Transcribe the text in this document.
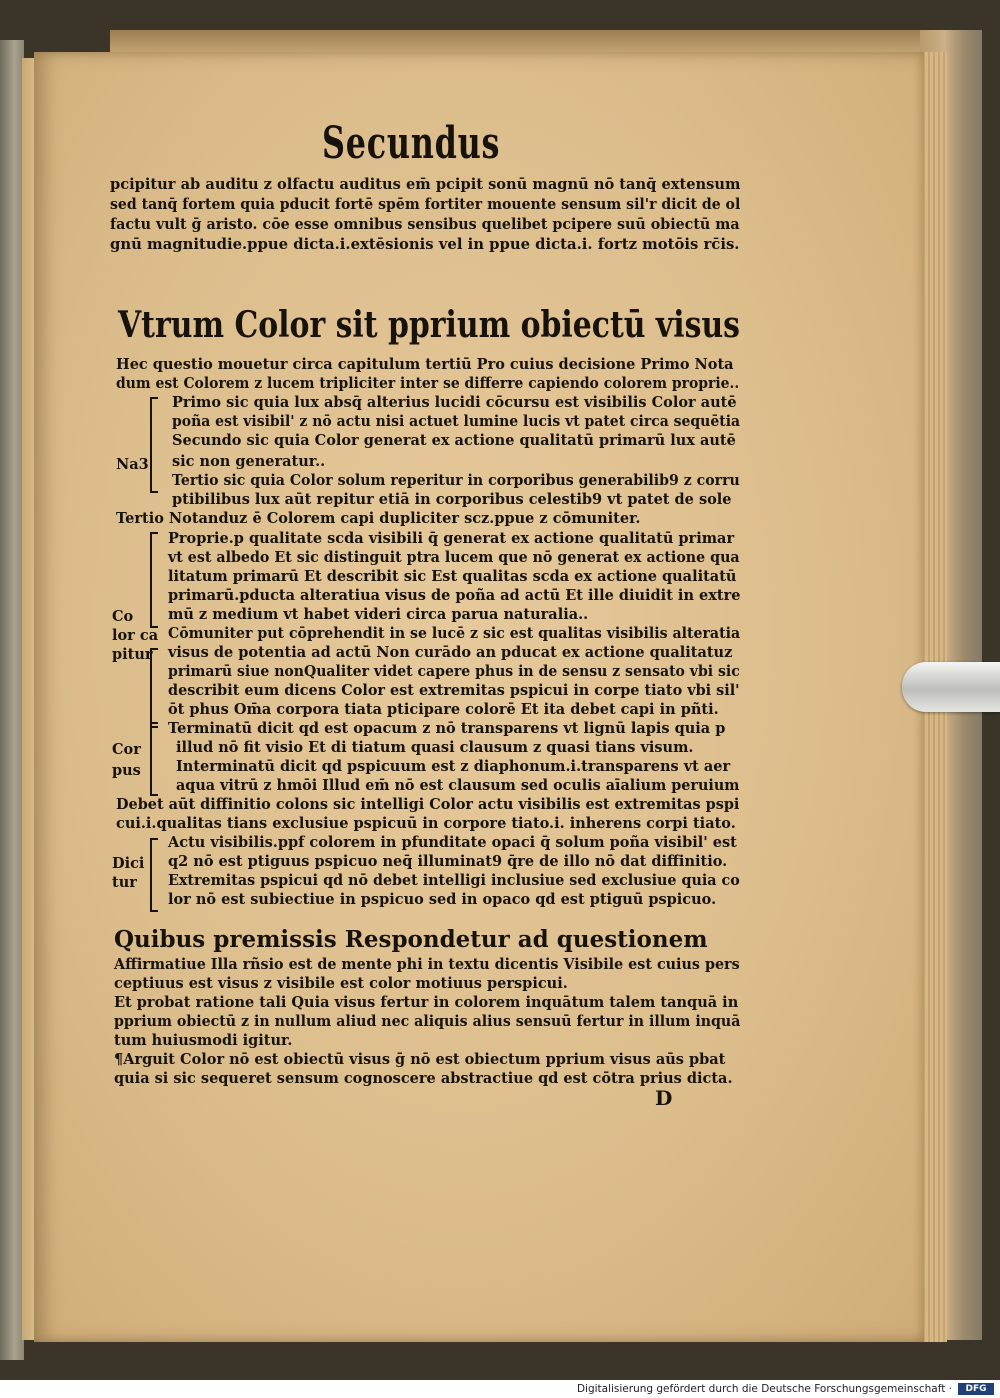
Secundus
pcipitur ab auditu z olfactu auditus em̄ pcipit sonū magnū nō tanq̄ extensum
sed tanq̄ fortem quia pducit fortē spēm fortiter mouente sensum sil'r dicit de ol
factu vult ḡ aristo. cōe esse omnibus sensibus quelibet pcipere suū obiectū ma
gnū magnitudie.ppue dicta.i.extēsionis vel in ppue dicta.i. fortz motōis rc̄is.
Vtrum Color sit pprium obiectū visus
Hec questio mouetur circa capitulum tertiū Pro cuius decisione Primo Nota
dum est Colorem z lucem tripliciter inter se differre capiendo colorem proprie..
Primo sic quia lux absq̄ alterius lucidi cōcursu est visibilis Color autē
poña est visibil' z nō actu nisi actuet lumine lucis vt patet circa sequētia
Secundo sic quia Color generat ex actione qualitatū primarū lux autē
Na3 sic non generatur..
Tertio sic quia Color solum reperitur in corporibus generabilib9 z corru
ptibilibus lux aūt repitur etiā in corporibus celestib9 vt patet de sole
Tertio Notanduz ē Colorem capi dupliciter scz.ppue z cōmuniter.
Proprie.p qualitate scda visibili q̄ generat ex actione qualitatū primar
vt est albedo Et sic distinguit ptra lucem que nō generat ex actione qua
litatum primarū Et describit sic Est qualitas scda ex actione qualitatū
primarū.pducta alteratiua visus de poña ad actū Et ille diuidit in extre
Co mū z medium vt habet videri circa parua naturalia..
lor ca Cōmuniter put cōprehendit in se lucē z sic est qualitas visibilis alteratia
pitur visus de potentia ad actū Non curādo an pducat ex actione qualitatuz
primarū siue nonQualiter videt capere phus in de sensu z sensato vbi sic
describit eum dicens Color est extremitas pspicui in corpe tiato vbi sil'
ōt phus Om̄a corpora tiata pticipare colorē Et ita debet capi in pñti.
Terminatū dicit qd est opacum z nō transparens vt lignū lapis quia p
Cor illud nō fit visio Et di tiatum quasi clausum z quasi tians visum.
pus Interminatū dicit qd pspicuum est z diaphonum.i.transparens vt aer
aqua vitrū z hmōi Illud em̄ nō est clausum sed oculis aīalium peruium
Debet aūt diffinitio colons sic intelligi Color actu visibilis est extremitas pspi
cui.i.qualitas tians exclusiue pspicuū in corpore tiato.i. inherens corpi tiato.
Actu visibilis.ppf colorem in pfunditate opaci q̄ solum poña visibil' est
Dici q2 nō est ptiguus pspicuo neq̄ illuminat9 q̄re de illo nō dat diffinitio.
tur Extremitas pspicui qd nō debet intelligi inclusiue sed exclusiue quia co
lor nō est subiectiue in pspicuo sed in opaco qd est ptiguū pspicuo.
Quibus premissis Respondetur ad questionem
Affirmatiue Illa rñsio est de mente phi in textu dicentis Visibile est cuius pers
ceptiuus est visus z visibile est color motiuus perspicui.
Et probat ratione tali Quia visus fertur in colorem inquātum talem tanquā in
pprium obiectū z in nullum aliud nec aliquis alius sensuū fertur in illum inquā
tum huiusmodi igitur.
¶Arguit Color nō est obiectū visus ḡ nō est obiectum pprium visus aūs pbat
quia si sic sequeret sensum cognoscere abstractiue qd est cōtra prius dicta.
D
Digitalisierung gefördert durch die Deutsche Forschungsgemeinschaft ·	DFG
